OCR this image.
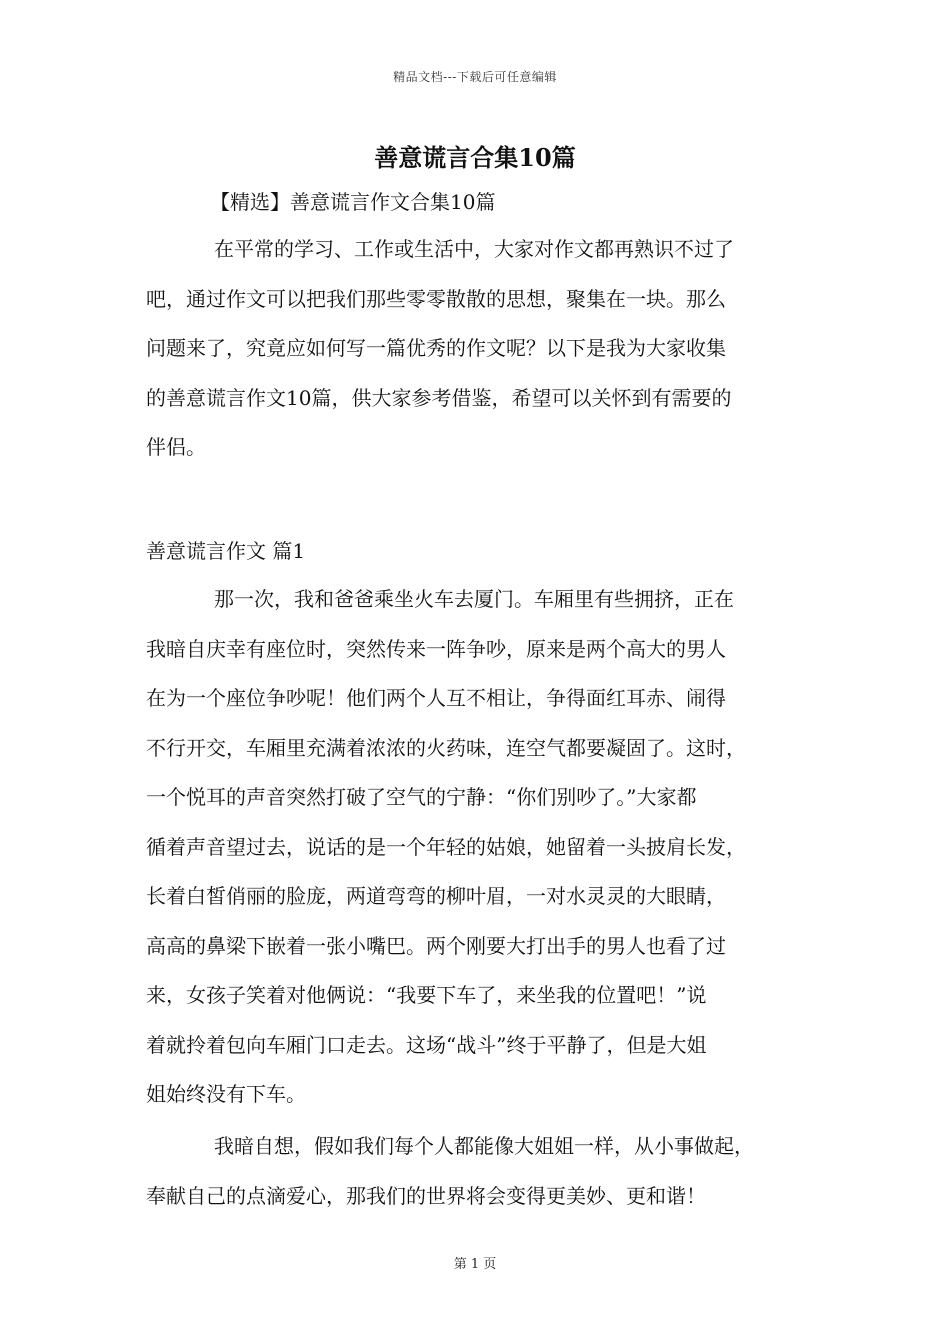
精品文档---下载后可任意编辑
善意谎言合集10篇
【精选】善意谎言作文合集10篇
在平常的学习、工作或生活中，大家对作文都再熟识不过了
吧，通过作文可以把我们那些零零散散的思想，聚集在一块。那么
问题来了，究竟应如何写一篇优秀的作文呢？以下是我为大家收集
的善意谎言作文10篇，供大家参考借鉴，希望可以关怀到有需要的
伴侣。
善意谎言作文 篇1
那一次，我和爸爸乘坐火车去厦门。车厢里有些拥挤，正在
我暗自庆幸有座位时，突然传来一阵争吵，原来是两个高大的男人
在为一个座位争吵呢！他们两个人互不相让，争得面红耳赤、闹得
不行开交，车厢里充满着浓浓的火药味，连空气都要凝固了。这时，
一个悦耳的声音突然打破了空气的宁静：“你们别吵了。”大家都
循着声音望过去，说话的是一个年轻的姑娘，她留着一头披肩长发，
长着白皙俏丽的脸庞，两道弯弯的柳叶眉，一对水灵灵的大眼睛，
高高的鼻梁下嵌着一张小嘴巴。两个刚要大打出手的男人也看了过
来，女孩子笑着对他俩说：“我要下车了，来坐我的位置吧！”说
着就拎着包向车厢门口走去。这场“战斗”终于平静了，但是大姐
姐始终没有下车。
我暗自想，假如我们每个人都能像大姐姐一样，从小事做起，
奉献自己的点滴爱心，那我们的世界将会变得更美妙、更和谐！
第 1 页
